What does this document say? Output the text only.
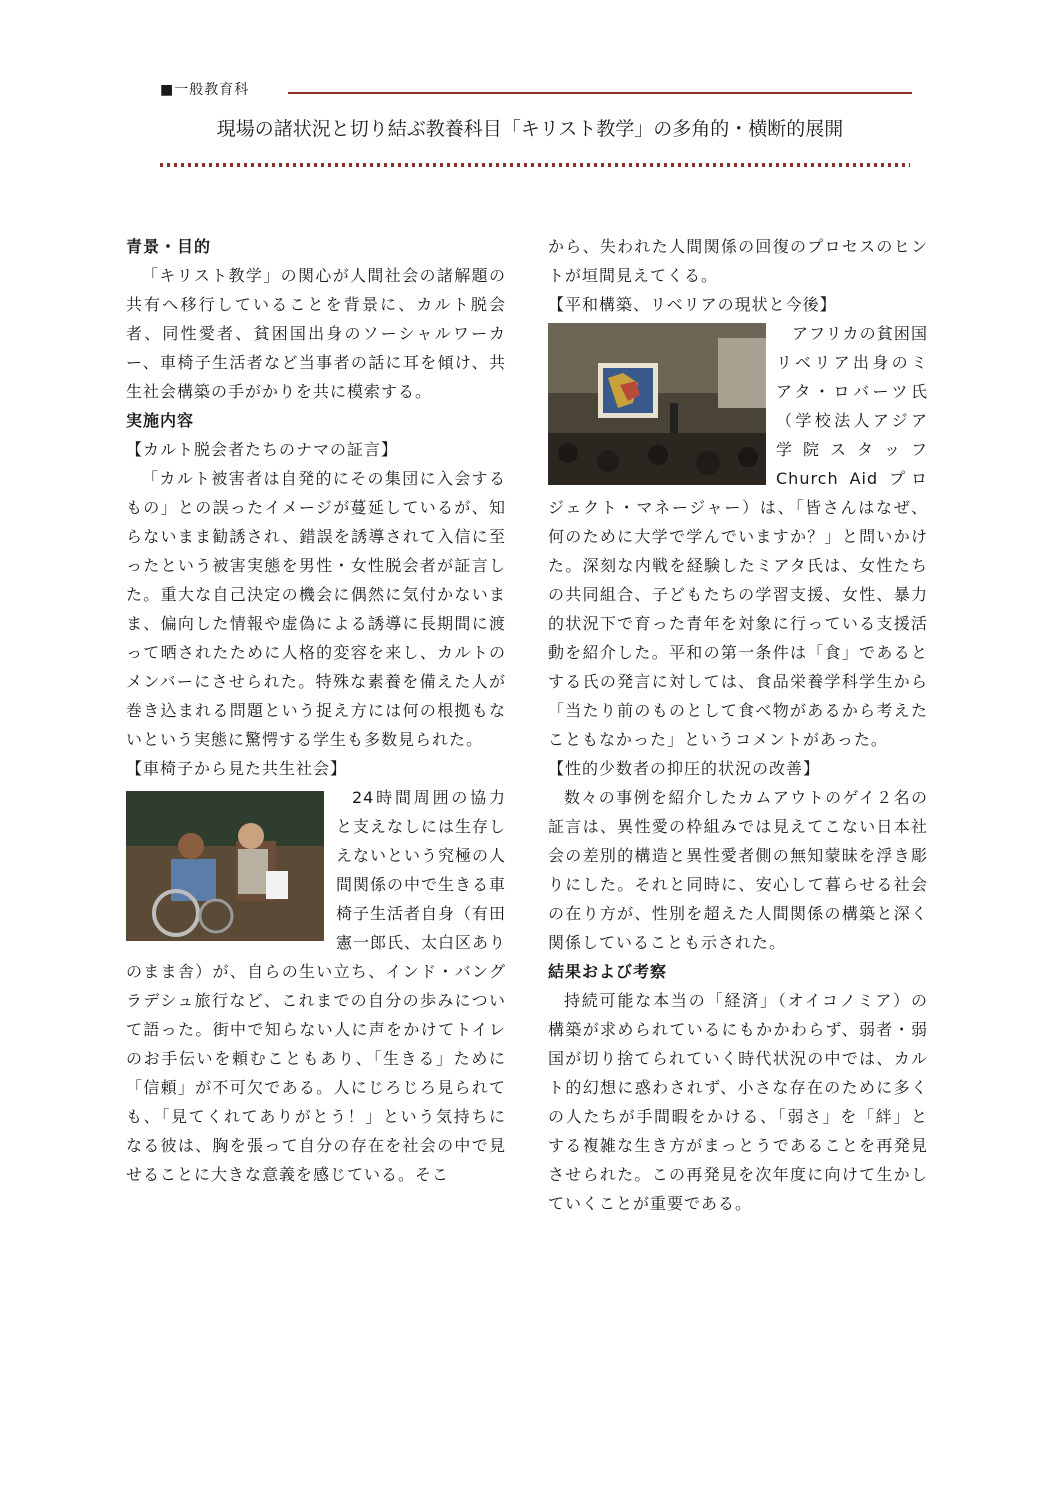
■一般教育科
現場の諸状況と切り結ぶ教養科目「キリスト教学」の多角的・横断的展開
青景・目的

「キリスト教学」の関心が人間社会の諸解題の共有へ移行していることを背景に、カルト脱会者、同性愛者、貧困国出身のソーシャルワーカー、車椅子生活者など当事者の話に耳を傾け、共生社会構築の手がかりを共に模索する。

実施内容
【カルト脱会者たちのナマの証言】

「カルト被害者は自発的にその集団に入会するもの」との誤ったイメージが蔓延しているが、知らないまま勧誘され、錯誤を誘導されて入信に至ったという被害実態を男性・女性脱会者が証言した。重大な自己決定の機会に偶然に気付かないまま、偏向した情報や虚偽による誘導に長期間に渡って晒されたために人格的変容を来し、カルトのメンバーにさせられた。特殊な素養を備えた人が巻き込まれる問題という捉え方には何の根拠もないという実態に驚愕する学生も多数見られた。

【車椅子から見た共生社会】

24時間周囲の協力と支えなしには生存しえないという究極の人間関係の中で生きる車椅子生活者自身（有田憲一郎氏、太白区ありのまま舎）が、自らの生い立ち、インド・バングラデシュ旅行など、これまでの自分の歩みについて語った。街中で知らない人に声をかけてトイレのお手伝いを頼むこともあり、「生きる」ために「信頼」が不可欠である。人にじろじろ見られても、「見てくれてありがとう！」という気持ちになる彼は、胸を張って自分の存在を社会の中で見せることに大きな意義を感じている。そこ

から、失われた人間関係の回復のプロセスのヒントが垣間見えてくる。

【平和構築、リベリアの現状と今後】

アフリカの貧困国リベリア出身のミアタ・ロバーツ氏（学校法人アジア学院スタッフ Church Aid プロジェクト・マネージャー）は、「皆さんはなぜ、何のために大学で学んでいますか？」と問いかけた。深刻な内戦を経験したミアタ氏は、女性たちの共同組合、子どもたちの学習支援、女性、暴力的状況下で育った青年を対象に行っている支援活動を紹介した。平和の第一条件は「食」であるとする氏の発言に対しては、食品栄養学科学生から「当たり前のものとして食べ物があるから考えたこともなかった」というコメントがあった。

【性的少数者の抑圧的状況の改善】

数々の事例を紹介したカムアウトのゲイ２名の証言は、異性愛の枠組みでは見えてこない日本社会の差別的構造と異性愛者側の無知蒙昧を浮き彫りにした。それと同時に、安心して暮らせる社会の在り方が、性別を超えた人間関係の構築と深く関係していることも示された。

結果および考察

持続可能な本当の「経済」（オイコノミア）の構築が求められているにもかかわらず、弱者・弱国が切り捨てられていく時代状況の中では、カルト的幻想に惑わされず、小さな存在のために多くの人たちが手間暇をかける、「弱さ」を「絆」とする複雑な生き方がまっとうであることを再発見させられた。この再発見を次年度に向けて生かしていくことが重要である。
